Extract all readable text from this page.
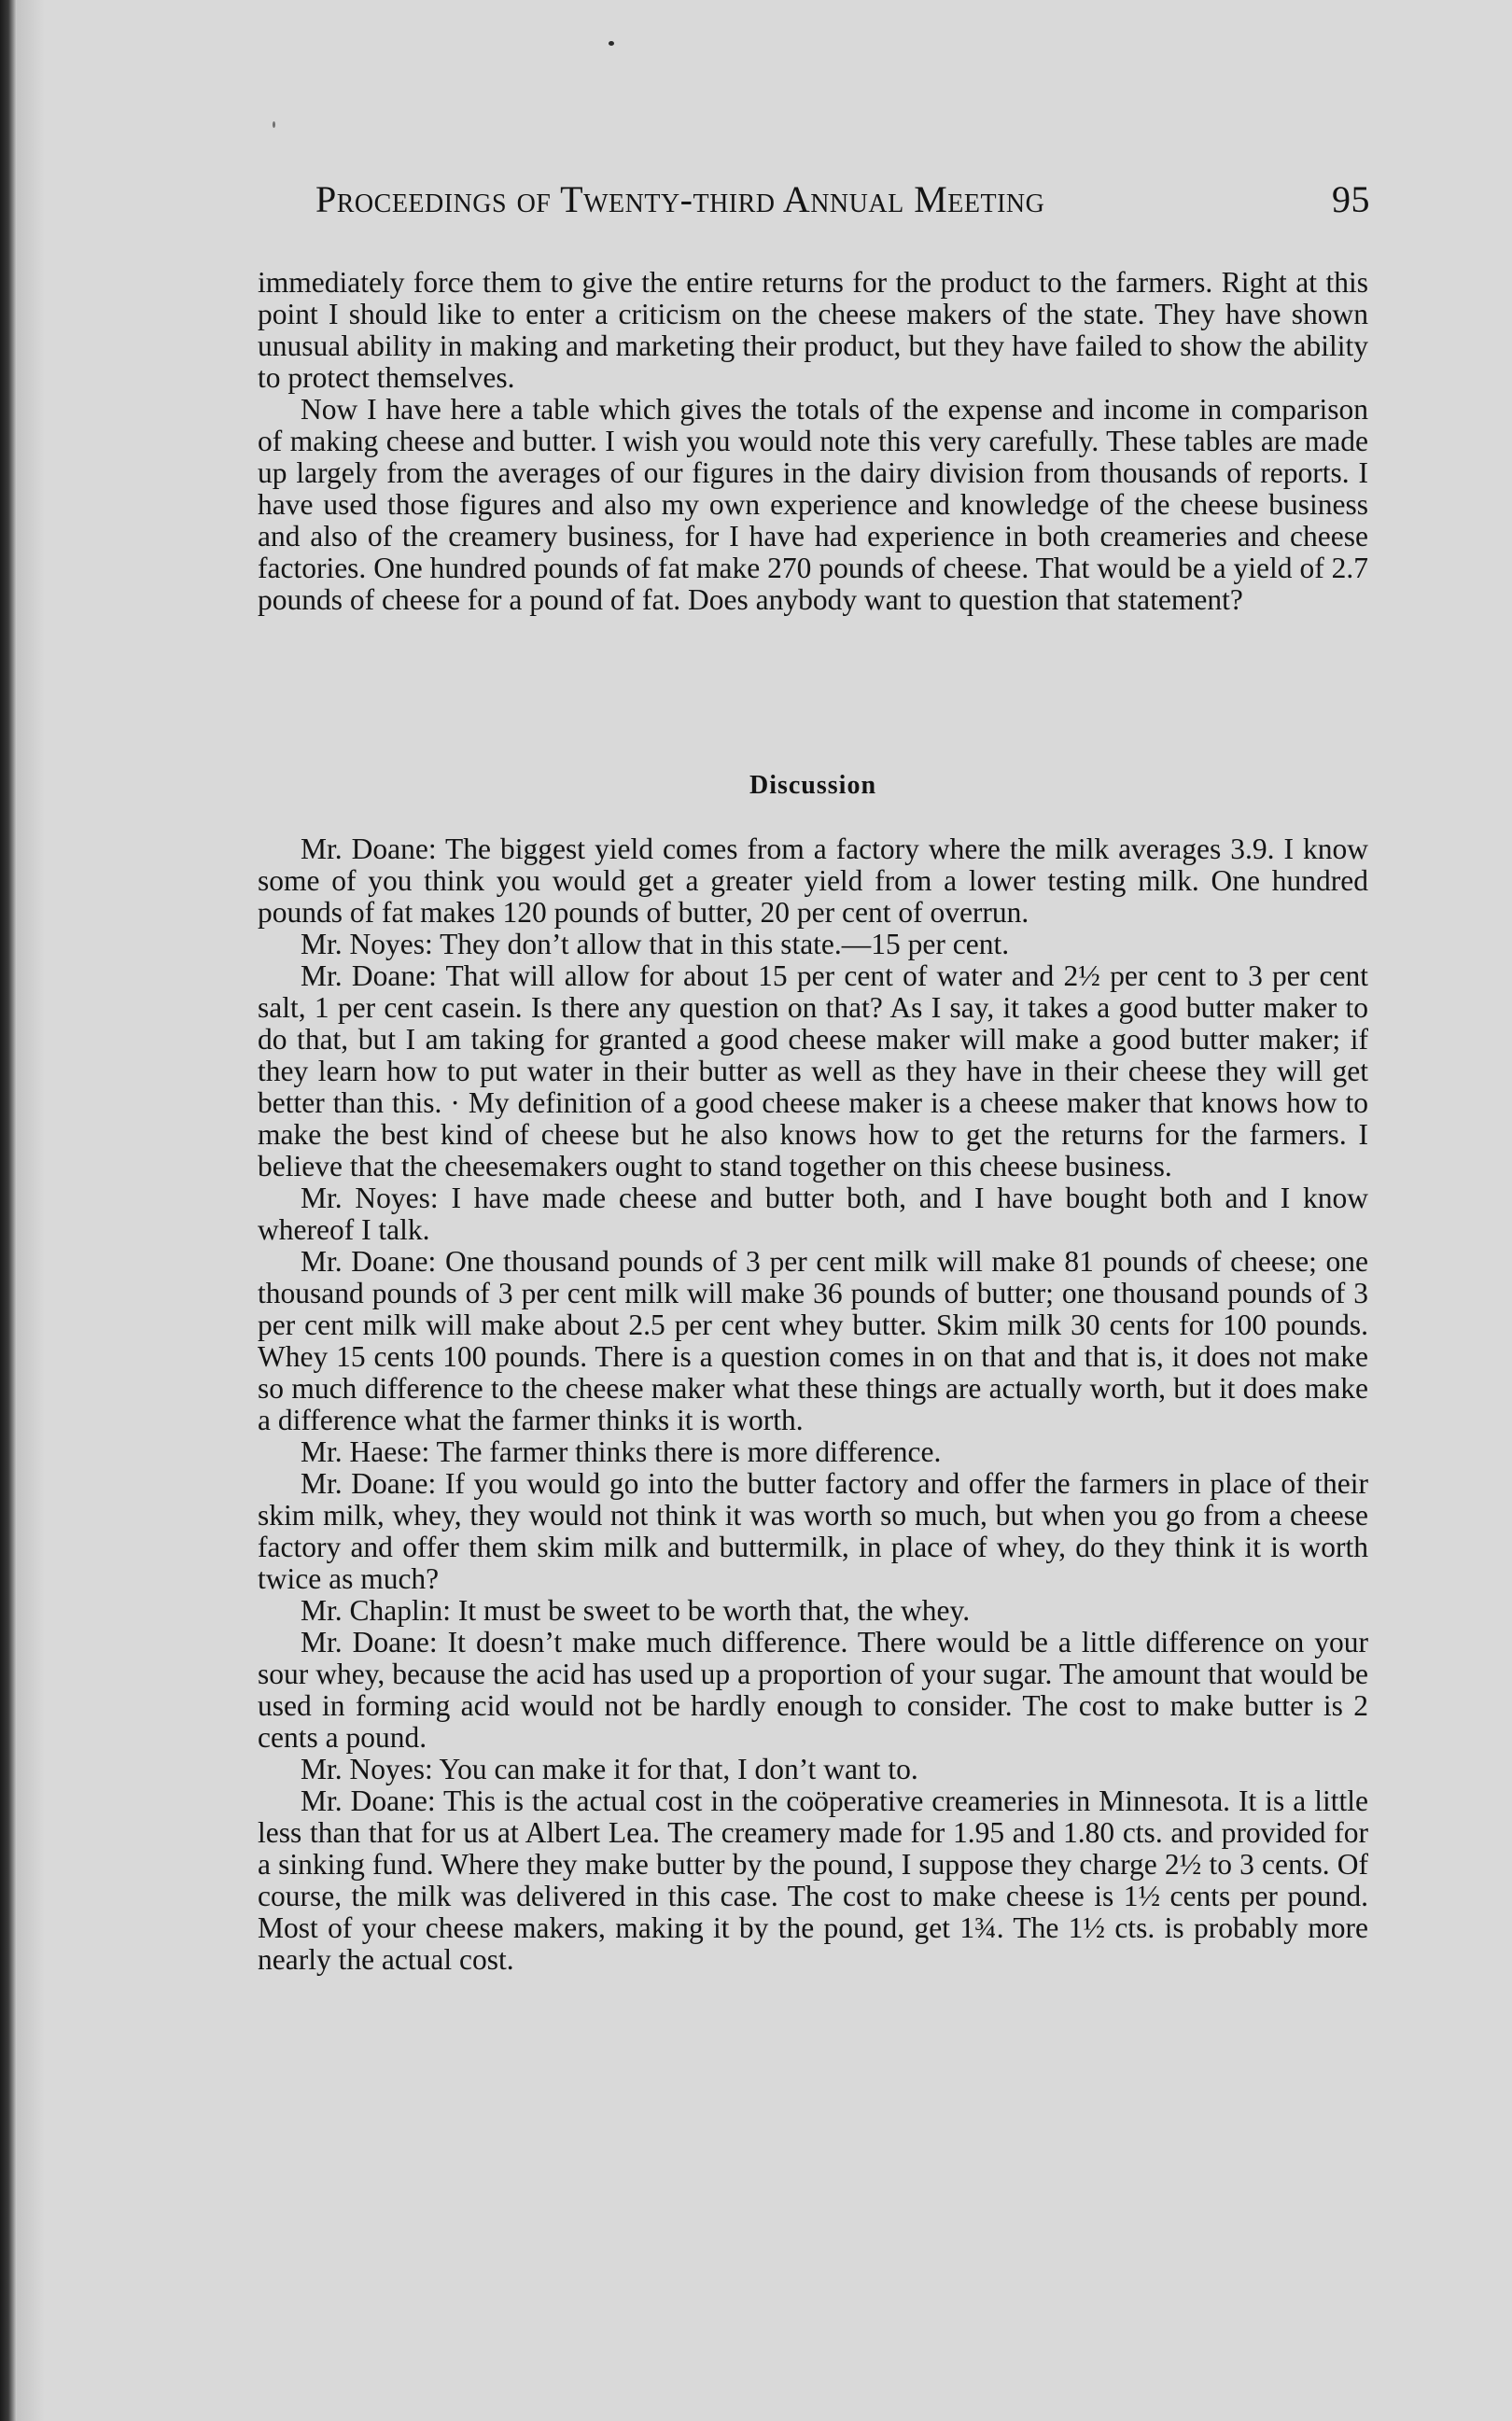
Proceedings of Twenty-third Annual Meeting	95

immediately force them to give the entire returns for the product to the farmers. Right at this point I should like to enter a criticism on the cheese makers of the state. They have shown unusual ability in making and marketing their product, but they have failed to show the ability to protect themselves.

Now I have here a table which gives the totals of the expense and income in comparison of making cheese and butter. I wish you would note this very carefully. These tables are made up largely from the averages of our figures in the dairy division from thousands of reports. I have used those figures and also my own experience and knowledge of the cheese business and also of the creamery business, for I have had experience in both creameries and cheese factories. One hundred pounds of fat make 270 pounds of cheese. That would be a yield of 2.7 pounds of cheese for a pound of fat. Does anybody want to question that statement?

Discussion

Mr. Doane: The biggest yield comes from a factory where the milk averages 3.9. I know some of you think you would get a greater yield from a lower testing milk. One hundred pounds of fat makes 120 pounds of butter, 20 per cent of overrun.

Mr. Noyes: They don’t allow that in this state.—15 per cent.

Mr. Doane: That will allow for about 15 per cent of water and 2½ per cent to 3 per cent salt, 1 per cent casein. Is there any question on that? As I say, it takes a good butter maker to do that, but I am taking for granted a good cheese maker will make a good butter maker; if they learn how to put water in their butter as well as they have in their cheese they will get better than this. · My definition of a good cheese maker is a cheese maker that knows how to make the best kind of cheese but he also knows how to get the returns for the farmers. I believe that the cheesemakers ought to stand together on this cheese business.

Mr. Noyes: I have made cheese and butter both, and I have bought both and I know whereof I talk.

Mr. Doane: One thousand pounds of 3 per cent milk will make 81 pounds of cheese; one thousand pounds of 3 per cent milk will make 36 pounds of butter; one thousand pounds of 3 per cent milk will make about 2.5 per cent whey butter. Skim milk 30 cents for 100 pounds. Whey 15 cents 100 pounds. There is a question comes in on that and that is, it does not make so much difference to the cheese maker what these things are actually worth, but it does make a difference what the farmer thinks it is worth.

Mr. Haese: The farmer thinks there is more difference.

Mr. Doane: If you would go into the butter factory and offer the farmers in place of their skim milk, whey, they would not think it was worth so much, but when you go from a cheese factory and offer them skim milk and buttermilk, in place of whey, do they think it is worth twice as much?

Mr. Chaplin: It must be sweet to be worth that, the whey.

Mr. Doane: It doesn’t make much difference. There would be a little difference on your sour whey, because the acid has used up a proportion of your sugar. The amount that would be used in forming acid would not be hardly enough to consider. The cost to make butter is 2 cents a pound.

Mr. Noyes: You can make it for that, I don’t want to.

Mr. Doane: This is the actual cost in the coöperative creameries in Minnesota. It is a little less than that for us at Albert Lea. The creamery made for 1.95 and 1.80 cts. and provided for a sinking fund. Where they make butter by the pound, I suppose they charge 2½ to 3 cents. Of course, the milk was delivered in this case. The cost to make cheese is 1½ cents per pound. Most of your cheese makers, making it by the pound, get 1¾. The 1½ cts. is probably more nearly the actual cost.
